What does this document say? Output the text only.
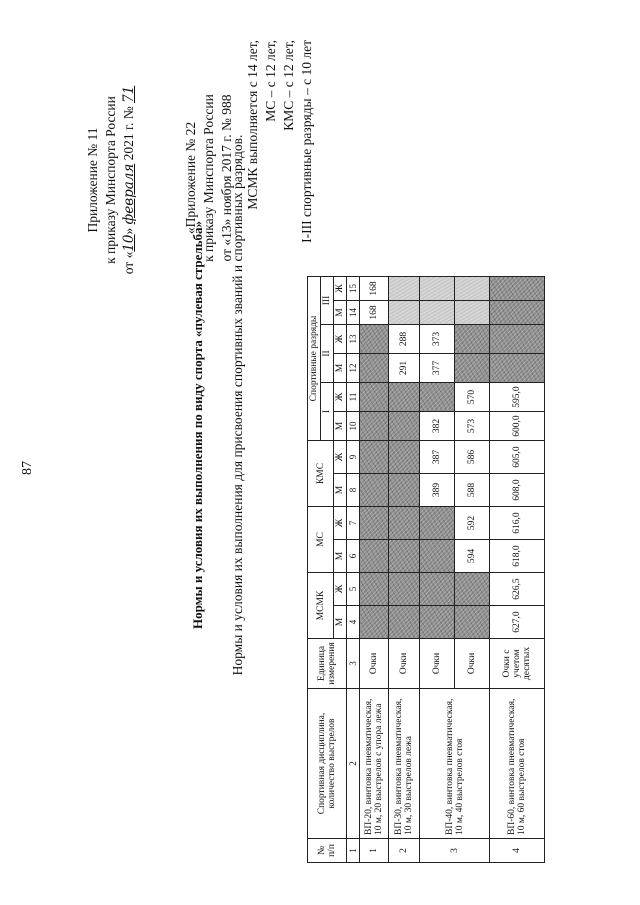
87
Приложение № 11 к приказу Минспорта России от «10» февраля 2021 г. № 71
«Приложение № 22 к приказу Минспорта России от «13» ноября 2017 г. № 988
Нормы и условия их выполнения по виду спорта «пулевая стрельба» Нормы и условия их выполнения для присвоения спортивных званий и спортивных разрядов.
МСМК выполняется с 14 лет, МС – с 12 лет, КМС – с 12 лет, I-III спортивные разряды – с 10 лет
№ п/п	Спортивная дисциплина, количество выстрелов	Единица измерения	МСМК		МС		КМС		Спортивные разряды					
									I		II		III	
			М	Ж	М	Ж	М	Ж	М	Ж	М	Ж	М	Ж
1	2	3	4	5	6	7	8	9	10	11	12	13	14	15
1	ВП-20, винтовка пневматическая, 10 м, 20 выстрелов с упора лежа	Очки											168	168
2	ВП-30, винтовка пневматическая, 10 м, 30 выстрелов лежа	Очки									291	288		
3	ВП-40, винтовка пневматическая, 10 м, 40 выстрелов стоя	Очки					389	387	382		377	373		
		Очки			594	592	588	586	573	570				
4	ВП-60, винтовка пневматическая, 10 м, 60 выстрелов стоя	Очки с учетом десятых	627,0	626,5	618,0	616,0	608,0	605,0	600,0	595,0				
